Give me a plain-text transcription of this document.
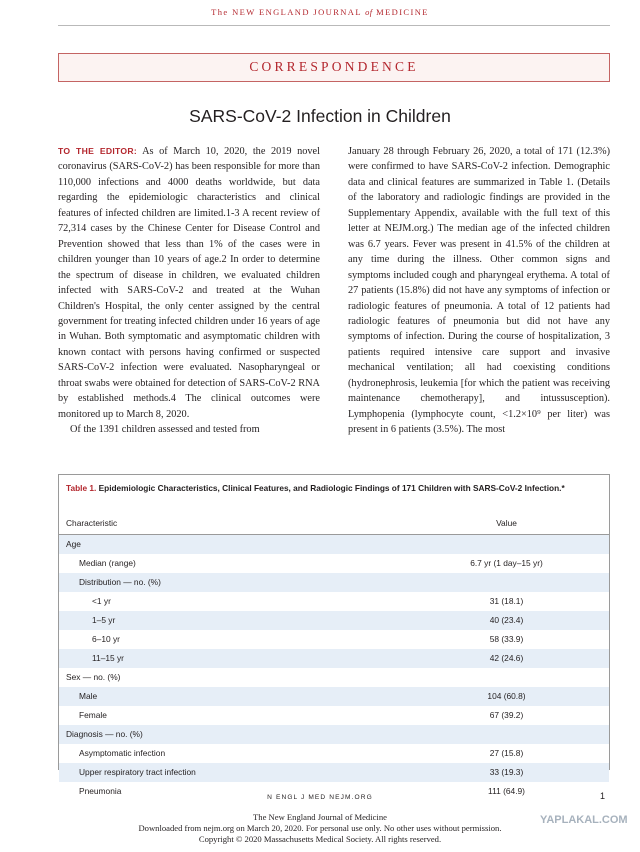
The NEW ENGLAND JOURNAL of MEDICINE
CORRESPONDENCE
SARS-CoV-2 Infection in Children

TO THE EDITOR: As of March 10, 2020, the 2019 novel coronavirus (SARS-CoV-2) has been responsible for more than 110,000 infections and 4000 deaths worldwide, but data regarding the epidemiologic characteristics and clinical features of infected children are limited.1-3 A recent review of 72,314 cases by the Chinese Center for Disease Control and Prevention showed that less than 1% of the cases were in children younger than 10 years of age.2 In order to determine the spectrum of disease in children, we evaluated children infected with SARS-CoV-2 and treated at the Wuhan Children's Hospital, the only center assigned by the central government for treating infected children under 16 years of age in Wuhan. Both symptomatic and asymptomatic children with known contact with persons having confirmed or suspected SARS-CoV-2 infection were evaluated. Nasopharyngeal or throat swabs were obtained for detection of SARS-CoV-2 RNA by established methods.4 The clinical outcomes were monitored up to March 8, 2020.

Of the 1391 children assessed and tested from

January 28 through February 26, 2020, a total of 171 (12.3%) were confirmed to have SARS-CoV-2 infection. Demographic data and clinical features are summarized in Table 1. (Details of the laboratory and radiologic findings are provided in the Supplementary Appendix, available with the full text of this letter at NEJM.org.) The median age of the infected children was 6.7 years. Fever was present in 41.5% of the children at any time during the illness. Other common signs and symptoms included cough and pharyngeal erythema. A total of 27 patients (15.8%) did not have any symptoms of infection or radiologic features of pneumonia. A total of 12 patients had radiologic features of pneumonia but did not have any symptoms of infection. During the course of hospitalization, 3 patients required intensive care support and invasive mechanical ventilation; all had coexisting conditions (hydronephrosis, leukemia [for which the patient was receiving maintenance chemotherapy], and intussusception). Lymphopenia (lymphocyte count, <1.2×10⁹ per liter) was present in 6 patients (3.5%). The most

Table 1. Epidemiologic Characteristics, Clinical Features, and Radiologic Findings of 171 Children with SARS-CoV-2 Infection.*
Characteristic	Value
Age
Median (range)	6.7 yr (1 day–15 yr)
Distribution — no. (%)
<1 yr	31 (18.1)
1–5 yr	40 (23.4)
6–10 yr	58 (33.9)
11–15 yr	42 (24.6)
Sex — no. (%)
Male	104 (60.8)
Female	67 (39.2)
Diagnosis — no. (%)
Asymptomatic infection	27 (15.8)
Upper respiratory tract infection	33 (19.3)
Pneumonia	111 (64.9)
N ENGL J MED NEJM.ORG	1
The New England Journal of Medicine
Downloaded from nejm.org on March 20, 2020. For personal use only. No other uses without permission.
Copyright © 2020 Massachusetts Medical Society. All rights reserved.
YAPLAKAL.COM
